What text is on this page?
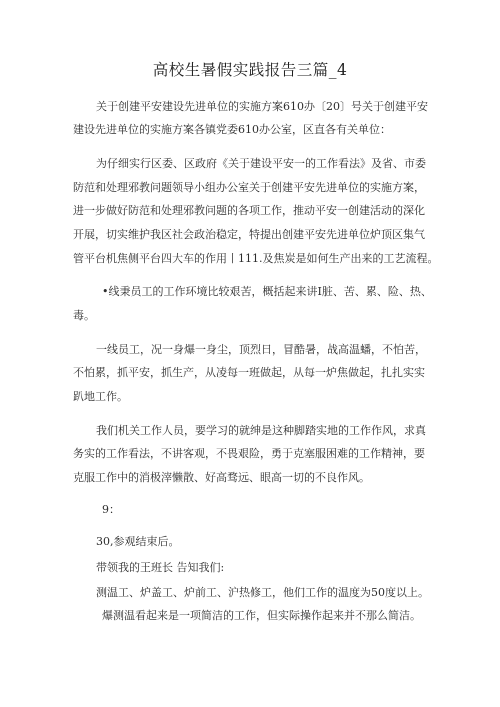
高校生暑假实践报告三篇_4
关于创建平安建设先进单位的实施方案610办〔20〕号关于创建平安
建设先进单位的实施方案各镇党委610办公室，区直各有关单位：
为仔细实行区委、区政府《关于建设平安一的工作看法》及省、市委
防范和处理邪教问题领导小组办公室关于创建平安先进单位的实施方案，
进一步做好防范和处理邪教问题的各项工作，推动平安一创建活动的深化
开展，切实维护我区社会政治稳定，特提出创建平安先进单位炉顶区集气
管平台机焦侧平台四大车的作用丨111.及焦炭是如何生产出来的工艺流程。
•线秉员工的工作环境比较艰苦，概括起来讲I脏、苦、累、险、热、
毒。
一线员工，况一身爆一身尘，顶烈日，冒酷暑，战高温蟠，不怕苦，
不怕累，抓平安，抓生产，从凌每一班做起，从每一炉焦做起，扎扎实实
趴地工作。
我们机关工作人员，要学习的就绅是这种脚踏实地的工作作风，求真
务实的工作看法，不讲客观，不畏艰险，勇于克塞服困难的工作精神，要
克服工作中的消极滓懒散、好高骛远、眼高一切的不良作风。
9：
30,参观结束后。
带领我的王班长 告知我们:
测温工、炉盖工、炉前工、沪热修工，他们工作的温度为50度以上。
爆测温看起来是一项简洁的工作，但实际操作起来并不那么简洁。
